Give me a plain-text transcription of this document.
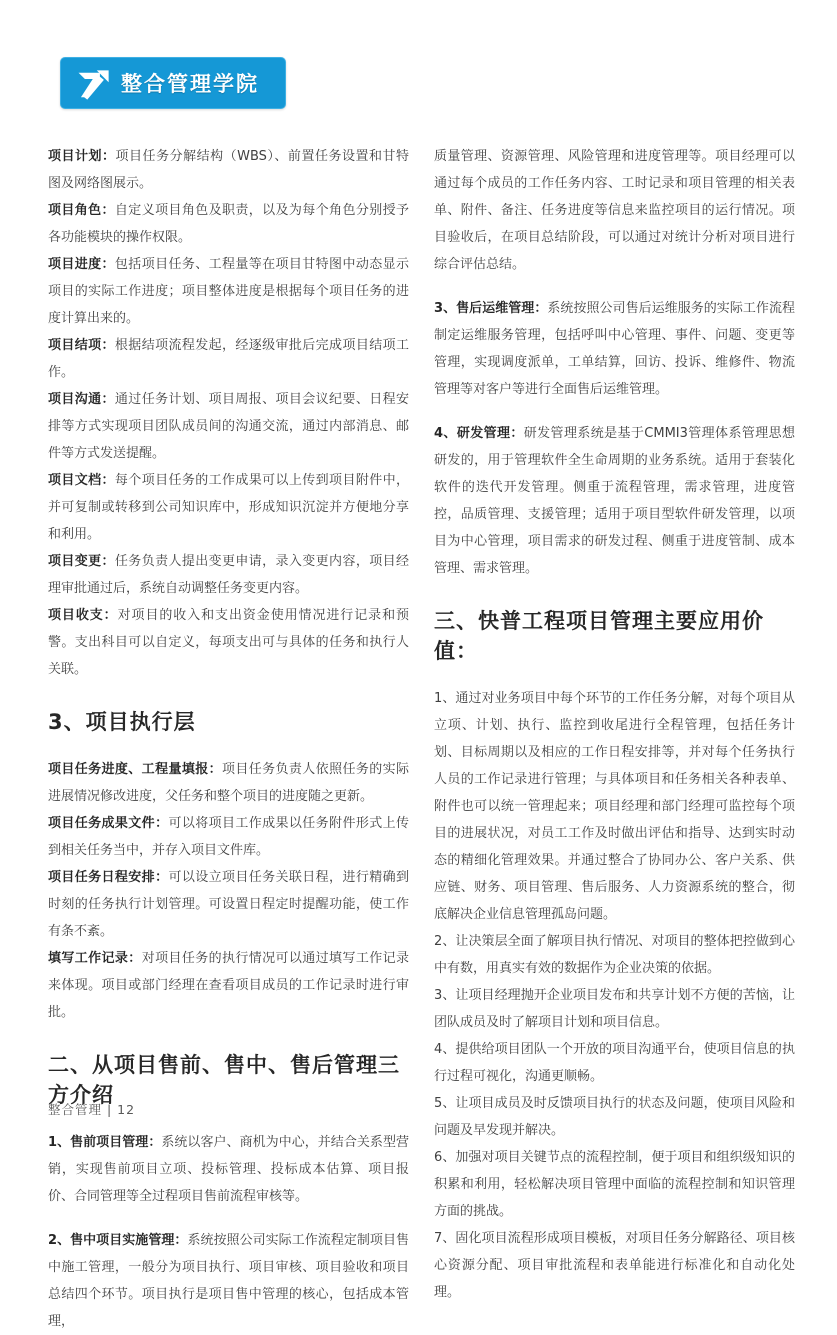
整合管理学院

项目计划：项目任务分解结构（WBS）、前置任务设置和甘特图及网络图展示。

项目角色：自定义项目角色及职责，以及为每个角色分别授予各功能模块的操作权限。

项目进度：包括项目任务、工程量等在项目甘特图中动态显示项目的实际工作进度；项目整体进度是根据每个项目任务的进度计算出来的。

项目结项：根据结项流程发起，经逐级审批后完成项目结项工作。

项目沟通：通过任务计划、项目周报、项目会议纪要、日程安排等方式实现项目团队成员间的沟通交流，通过内部消息、邮件等方式发送提醒。

项目文档：每个项目任务的工作成果可以上传到项目附件中，并可复制或转移到公司知识库中，形成知识沉淀并方便地分享和利用。

项目变更：任务负责人提出变更申请，录入变更内容，项目经理审批通过后，系统自动调整任务变更内容。

项目收支：对项目的收入和支出资金使用情况进行记录和预警。支出科目可以自定义，每项支出可与具体的任务和执行人关联。

3、项目执行层

项目任务进度、工程量填报：项目任务负责人依照任务的实际进展情况修改进度，父任务和整个项目的进度随之更新。

项目任务成果文件：可以将项目工作成果以任务附件形式上传到相关任务当中，并存入项目文件库。

项目任务日程安排：可以设立项目任务关联日程，进行精确到时刻的任务执行计划管理。可设置日程定时提醒功能，使工作有条不紊。

填写工作记录：对项目任务的执行情况可以通过填写工作记录来体现。项目或部门经理在查看项目成员的工作记录时进行审批。

二、从项目售前、售中、售后管理三方介绍

1、售前项目管理：系统以客户、商机为中心，并结合关系型营销，实现售前项目立项、投标管理、投标成本估算、项目报价、合同管理等全过程项目售前流程审核等。

2、售中项目实施管理：系统按照公司实际工作流程定制项目售中施工管理，一般分为项目执行、项目审核、项目验收和项目总结四个环节。项目执行是项目售中管理的核心，包括成本管理，

质量管理、资源管理、风险管理和进度管理等。项目经理可以通过每个成员的工作任务内容、工时记录和项目管理的相关表单、附件、备注、任务进度等信息来监控项目的运行情况。项目验收后，在项目总结阶段，可以通过对统计分析对项目进行综合评估总结。

3、售后运维管理：系统按照公司售后运维服务的实际工作流程制定运维服务管理，包括呼叫中心管理、事件、问题、变更等管理，实现调度派单，工单结算，回访、投诉、维修件、物流管理等对客户等进行全面售后运维管理。

4、研发管理：研发管理系统是基于CMMI3管理体系管理思想研发的，用于管理软件全生命周期的业务系统。适用于套装化软件的迭代开发管理。侧重于流程管理，需求管理，进度管控，品质管理、支援管理；适用于项目型软件研发管理，以项目为中心管理，项目需求的研发过程、侧重于进度管制、成本管理、需求管理。

三、快普工程项目管理主要应用价值：

1、通过对业务项目中每个环节的工作任务分解，对每个项目从立项、计划、执行、监控到收尾进行全程管理，包括任务计划、目标周期以及相应的工作日程安排等，并对每个任务执行人员的工作记录进行管理；与具体项目和任务相关各种表单、附件也可以统一管理起来；项目经理和部门经理可监控每个项目的进展状况，对员工工作及时做出评估和指导、达到实时动态的精细化管理效果。并通过整合了协同办公、客户关系、供应链、财务、项目管理、售后服务、人力资源系统的整合，彻底解决企业信息管理孤岛问题。

2、让决策层全面了解项目执行情况、对项目的整体把控做到心中有数，用真实有效的数据作为企业决策的依据。

3、让项目经理抛开企业项目发布和共享计划不方便的苦恼，让团队成员及时了解项目计划和项目信息。

4、提供给项目团队一个开放的项目沟通平台，使项目信息的执行过程可视化，沟通更顺畅。

5、让项目成员及时反馈项目执行的状态及问题，使项目风险和问题及早发现并解决。

6、加强对项目关键节点的流程控制，便于项目和组织级知识的积累和利用，轻松解决项目管理中面临的流程控制和知识管理方面的挑战。

7、固化项目流程形成项目模板，对项目任务分解路径、项目核心资源分配、项目审批流程和表单能进行标准化和自动化处理。

整合管理 | 12
